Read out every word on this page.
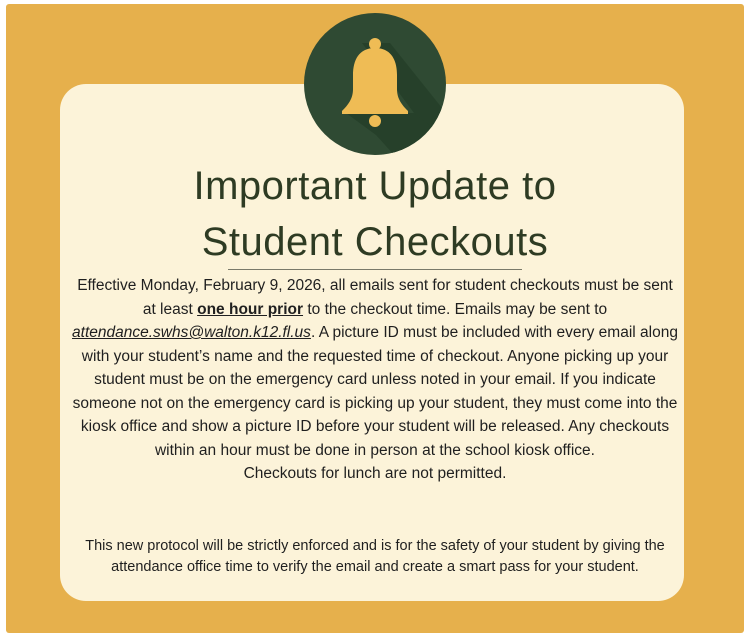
Important Update to
Student Checkouts

Effective Monday, February 9, 2026, all emails sent for student checkouts must be sent at least one hour prior to the checkout time. Emails may be sent to attendance.swhs@walton.k12.fl.us. A picture ID must be included with every email along with your student’s name and the requested time of checkout. Anyone picking up your student must be on the emergency card unless noted in your email. If you indicate someone not on the emergency card is picking up your student, they must come into the kiosk office and show a picture ID before your student will be released. Any checkouts within an hour must be done in person at the school kiosk office.
Checkouts for lunch are not permitted.

This new protocol will be strictly enforced and is for the safety of your student by giving the attendance office time to verify the email and create a smart pass for your student.
